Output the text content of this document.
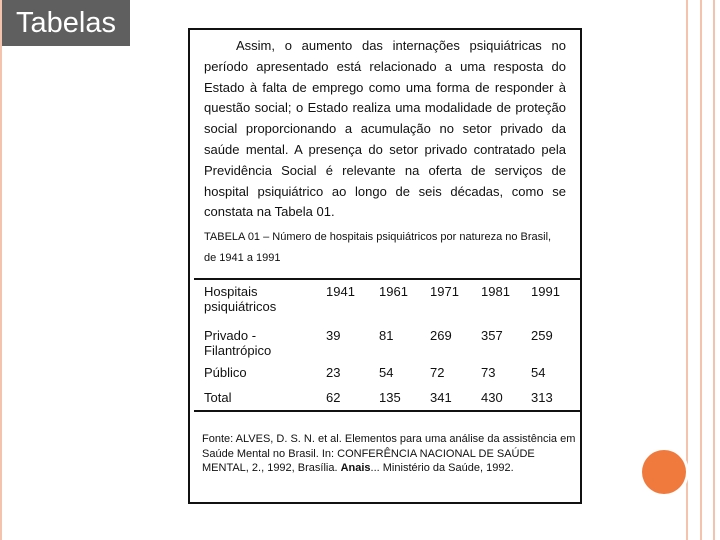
Tabelas
Assim, o aumento das internações psiquiátricas no período apresentado está relacionado a uma resposta do Estado à falta de emprego como uma forma de responder à questão social; o Estado realiza uma modalidade de proteção social proporcionando a acumulação no setor privado da saúde mental. A presença do setor privado contratado pela Previdência Social é relevante na oferta de serviços de hospital psiquiátrico ao longo de seis décadas, como se constata na Tabela 01.
TABELA 01 – Número de hospitais psiquiátricos por natureza no Brasil, de 1941 a 1991
Hospitais psiquiátricos	1941	1961	1971	1981	1991
Privado - Filantrópico	39	81	269	357	259
Público	23	54	72	73	54
Total	62	135	341	430	313
Fonte: ALVES, D. S. N. et al. Elementos para uma análise da assistência em Saúde Mental no Brasil. In: CONFERÊNCIA NACIONAL DE SAÚDE MENTAL, 2., 1992, Brasília. Anais... Ministério da Saúde, 1992.
